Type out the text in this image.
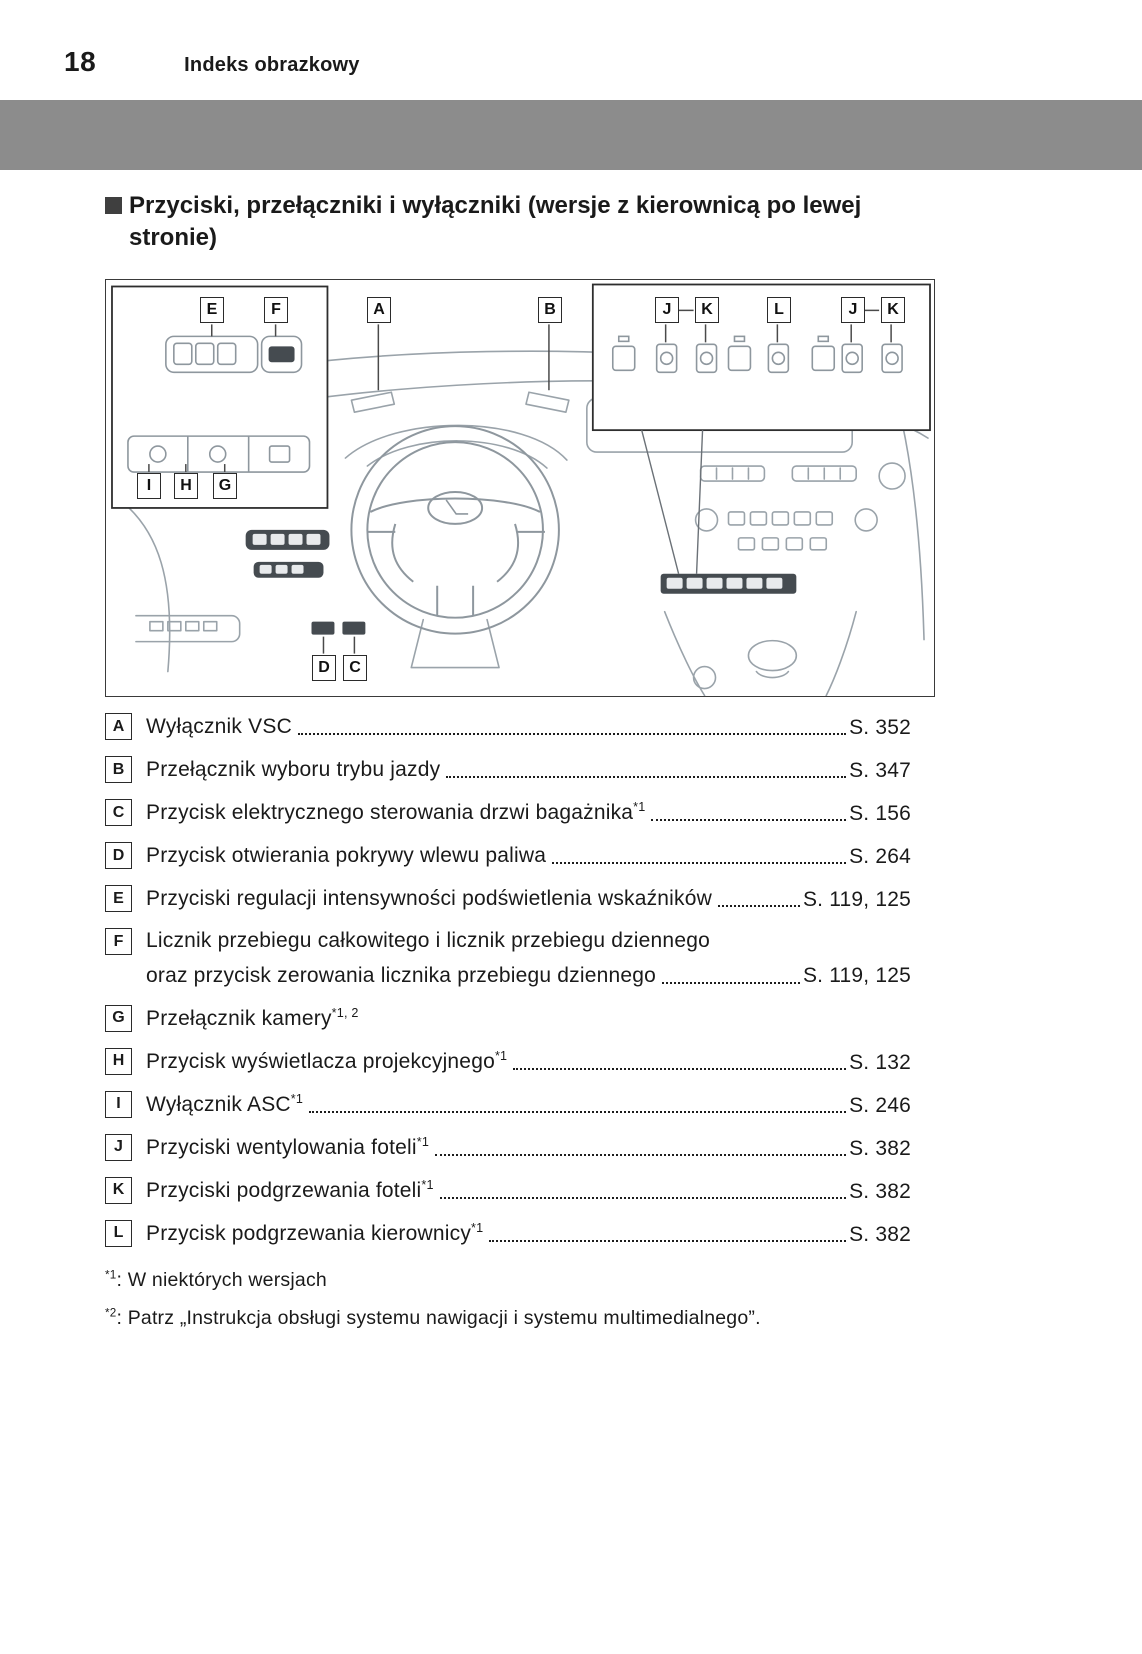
18	Indeks obrazkowy
Przyciski, przełączniki i wyłączniki (wersje z kierownicą po lewej
stronie)
E	F	A	B	J	K	L	J	K
I	H	G
D	C
A	Wyłącznik VSC	S. 352
B	Przełącznik wyboru trybu jazdy	S. 347
C	Przycisk elektrycznego sterowania drzwi bagażnika$^{*1}$	S. 156
D	Przycisk otwierania pokrywy wlewu paliwa	S. 264
E	Przyciski regulacji intensywności podświetlenia wskaźników	S. 119, 125
F	Licznik przebiegu całkowitego i licznik przebiegu dziennego
oraz przycisk zerowania licznika przebiegu dziennego	S. 119, 125
G	Przełącznik kamery$^{*1, 2}$
H	Przycisk wyświetlacza projekcyjnego$^{*1}$	S. 132
I	Wyłącznik ASC$^{*1}$	S. 246
J	Przyciski wentylowania foteli$^{*1}$	S. 382
K	Przyciski podgrzewania foteli$^{*1}$	S. 382
L	Przycisk podgrzewania kierownicy$^{*1}$	S. 382
$^{*1}$: W niektórych wersjach
$^{*2}$: Patrz „Instrukcja obsługi systemu nawigacji i systemu multimedialnego”.
